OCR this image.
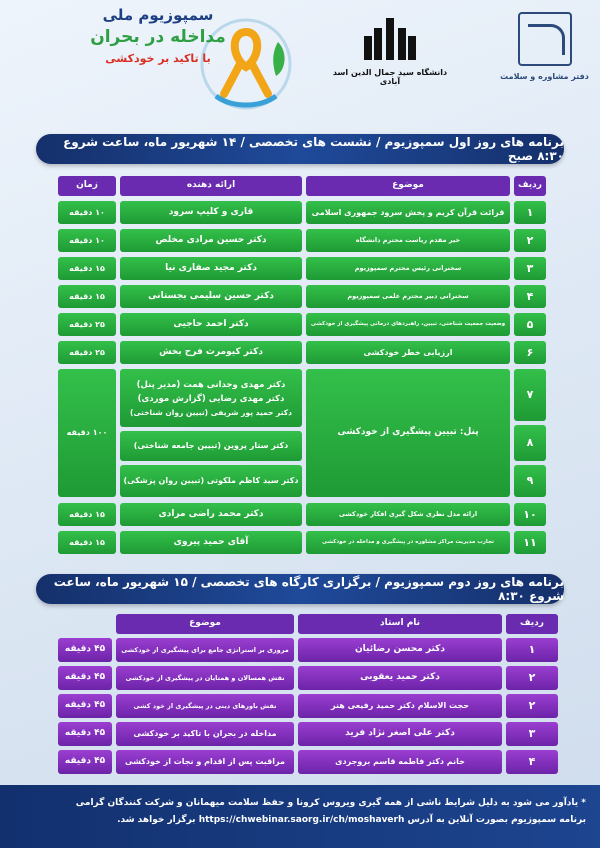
دفتر مشاوره و سلامت
دانشگاه سید جمال الدین اسد آبادی
سمپوزیوم ملی
مداخله در بحران
با تاکید بر خودکشی
برنامه های روز اول سمپوزیوم / نشست های تخصصی / ۱۴ شهریور ماه، ساعت شروع ۸:۳۰ صبح
ردیف
موضوع
ارائه دهنده
زمان
۱
قرائت قرآن کریم و پخش سرود جمهوری اسلامی
قاری و کلیپ سرود
۱۰ دقیقه
۲
خیر مقدم ریاست محترم دانشگاه
دکتر حسین مرادی مخلص
۱۰ دقیقه
۳
سخنرانی رئیس محترم سمپوزیوم
دکتر مجید صفاری نیا
۱۵ دقیقه
۴
سخنرانی دبیر محترم علمی سمپوزیوم
دکتر حسین سلیمی بجستانی
۱۵ دقیقه
۵
وضعیت جمعیت شناختی، تبیین، راهبردهای درمانی پیشگیری از خودکشی
دکتر احمد حاجیی
۲۵ دقیقه
۶
ارزیابی خطر خودکشی
دکتر کیومرث فرح بخش
۲۵ دقیقه
۷
۸
۹
پنل: تبیین پیشگیری از خودکشی
دکتر مهدی وجدانی همت (مدیر پنل)
دکتر مهدی رضایی (گزارش موردی)
دکتر حمید پور شریفی (تبیین روان شناختی)
دکتر ستار پروین (تبیین جامعه شناختی)
دکتر سید کاظم ملکوتی (تبیین روان پزشکی)
۱۰۰ دقیقه
۱۰
ارائه مدل نظری شکل گیری افکار خودکشی
دکتر محمد راضی مرادی
۱۵ دقیقه
۱۱
تجارب مدیریت مراکز مشاوره در پیشگیری و مداخله در خودکشی
آقای حمید پیروی
۱۵ دقیقه
برنامه های روز دوم سمپوزیوم / برگزاری کارگاه های تخصصی / ۱۵ شهریور ماه، ساعت شروع ۸:۳۰
ردیف
نام استاد
موضوع
۱
دکتر محسن رضائیان
مروری بر استراتژی جامع برای پیشگیری از خودکشی
۴۵ دقیقه
۲
دکتر حمید یعقوبی
نقش همسالان و همتایان در پیشگیری از خودکشی
۴۵ دقیقه
۲
حجت الاسلام دکتر حمید رفیعی هنر
نقش باورهای دینی در پیشگیری از خود کشی
۴۵ دقیقه
۳
دکتر علی اصغر نژاد فرید
مداخله در بحران با تاکید بر خودکشی
۴۵ دقیقه
۴
خانم دکتر فاطمه قاسم بروجردی
مراقبت پس از اقدام و نجات از خودکشی
۴۵ دقیقه
* یادآور می شود به دلیل شرایط ناشی از همه گیری ویروس کرونا و حفظ سلامت میهمانان و شرکت کنندگان گرامی
برنامه سمپوزیوم بصورت آنلاین به آدرس https://chwebinar.saorg.ir/ch/moshaverh برگزار خواهد شد.
